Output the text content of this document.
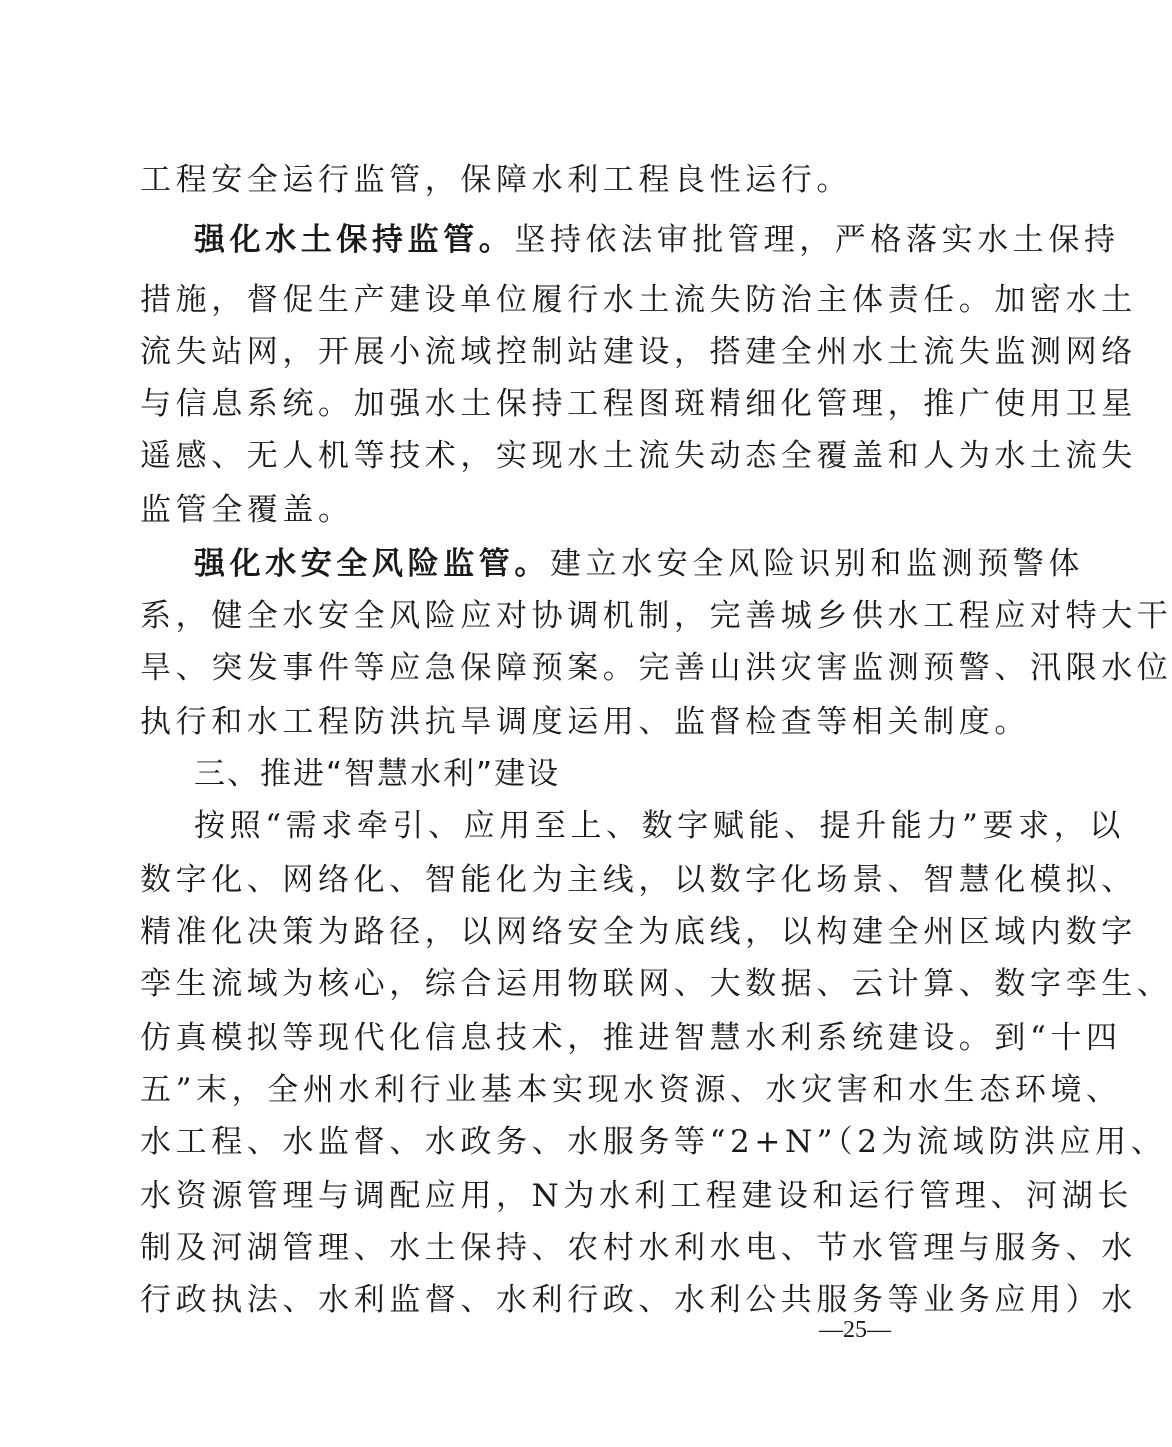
工程安全运行监管，保障水利工程良性运行。
强化水土保持监管。坚持依法审批管理，严格落实水土保持
措施，督促生产建设单位履行水土流失防治主体责任。加密水土
流失站网，开展小流域控制站建设，搭建全州水土流失监测网络
与信息系统。加强水土保持工程图斑精细化管理，推广使用卫星
遥感、无人机等技术，实现水土流失动态全覆盖和人为水土流失
监管全覆盖。
强化水安全风险监管。建立水安全风险识别和监测预警体
系，健全水安全风险应对协调机制，完善城乡供水工程应对特大干
旱、突发事件等应急保障预案。完善山洪灾害监测预警、汛限水位
执行和水工程防洪抗旱调度运用、监督检查等相关制度。
三、推进“智慧水利”建设
按照“需求牵引、应用至上、数字赋能、提升能力”要求，以
数字化、网络化、智能化为主线，以数字化场景、智慧化模拟、
精准化决策为路径，以网络安全为底线，以构建全州区域内数字
孪生流域为核心，综合运用物联网、大数据、云计算、数字孪生、
仿真模拟等现代化信息技术，推进智慧水利系统建设。到“十四
五”末，全州水利行业基本实现水资源、水灾害和水生态环境、
水工程、水监督、水政务、水服务等“2+N”（2为流域防洪应用、
水资源管理与调配应用，N为水利工程建设和运行管理、河湖长
制及河湖管理、水土保持、农村水利水电、节水管理与服务、水
行政执法、水利监督、水利行政、水利公共服务等业务应用）水
—25—
